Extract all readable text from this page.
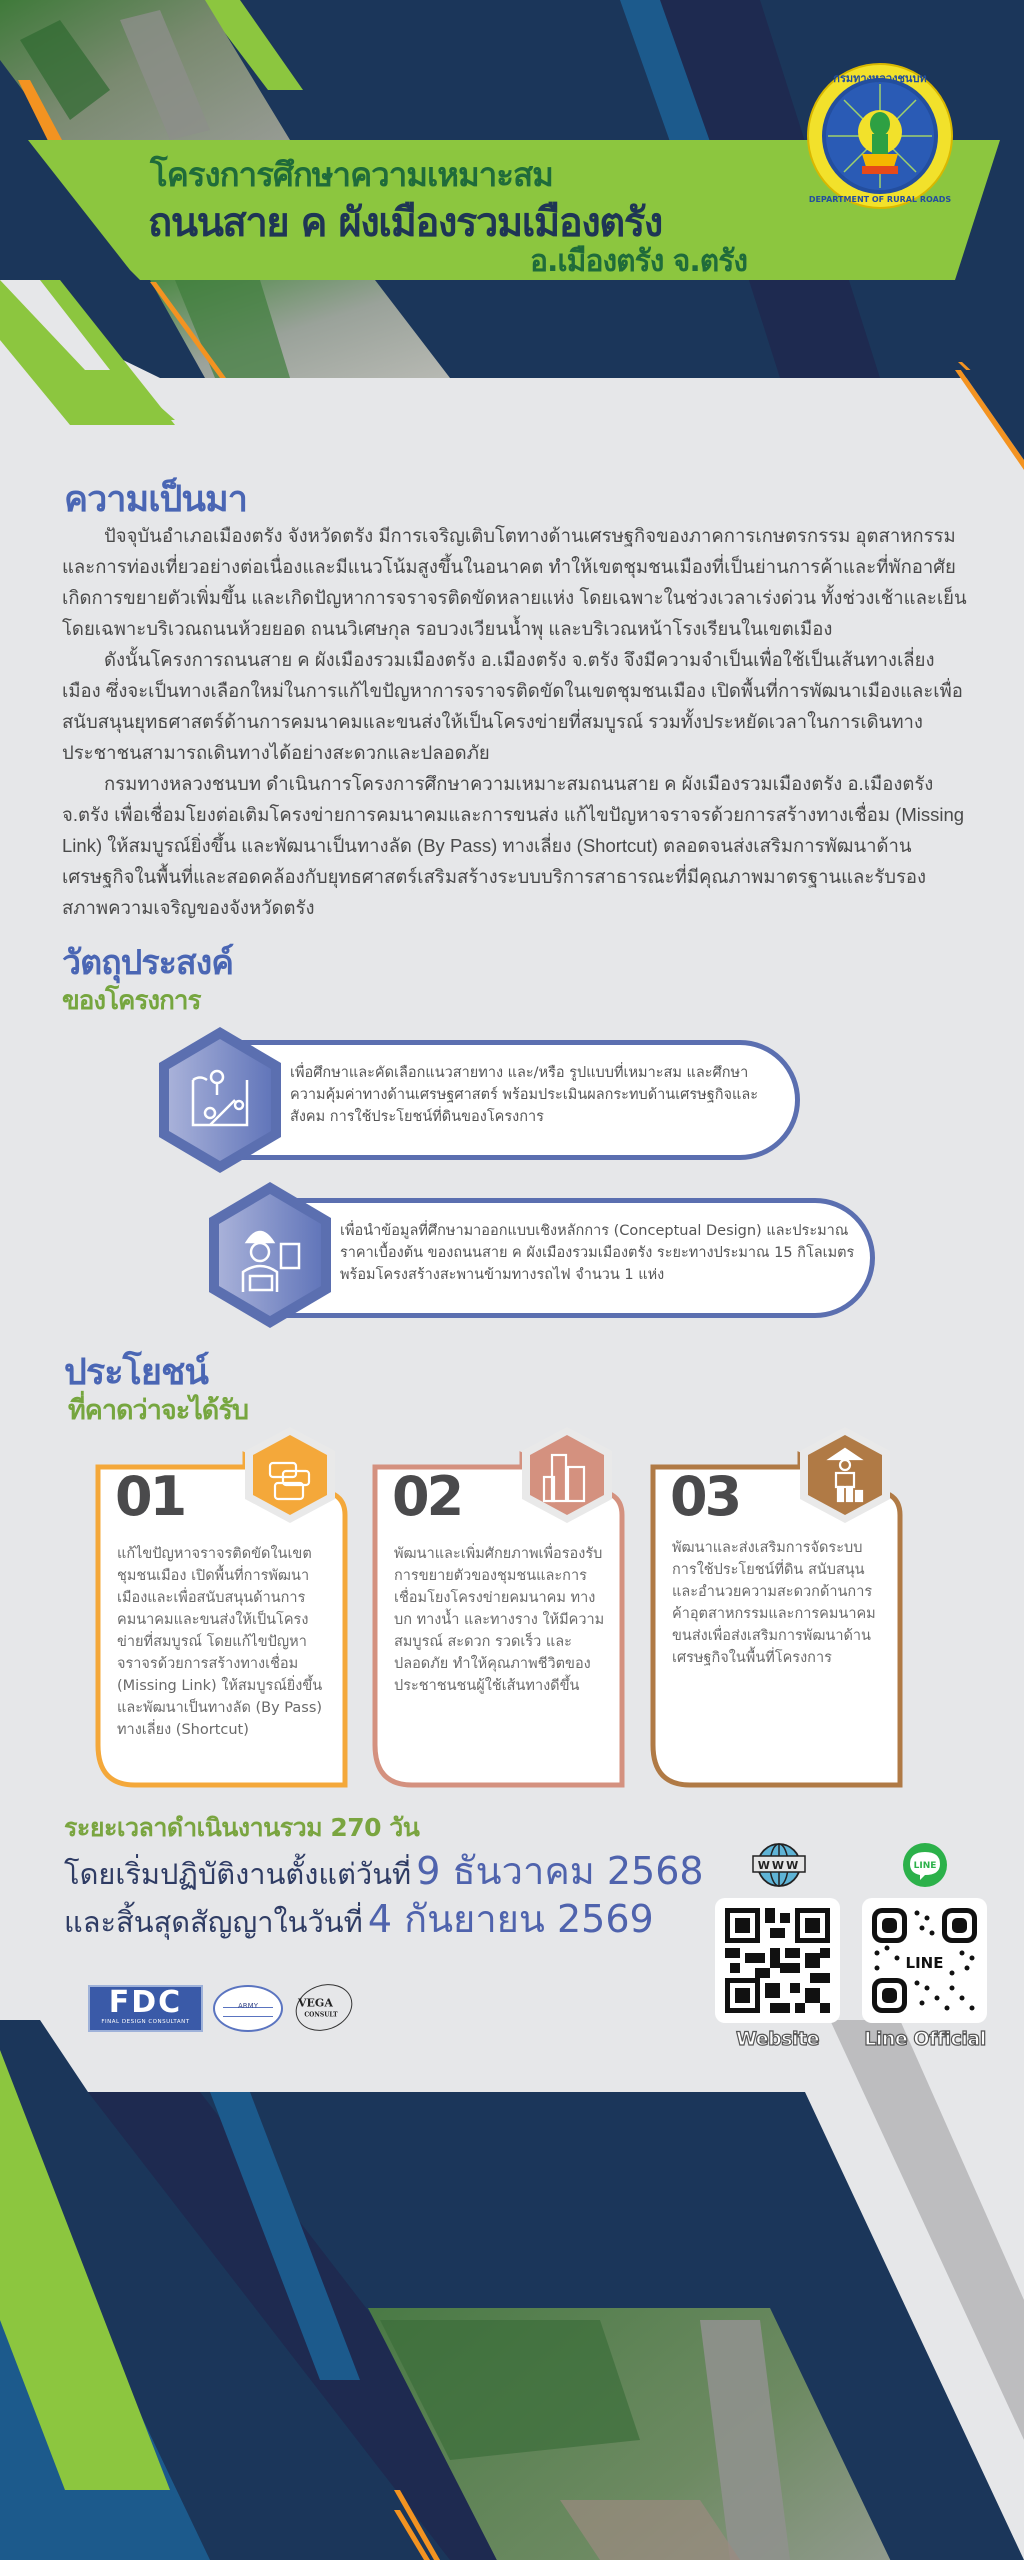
โครงการศึกษาความเหมาะสม
ถนนสาย ค ผังเมืองรวมเมืองตรัง
อ.เมืองตรัง จ.ตรัง
กรมทางหลวงชนบท
DEPARTMENT OF RURAL ROADS
ความเป็นมา

ปัจจุบันอำเภอเมืองตรัง จังหวัดตรัง มีการเจริญเติบโตทางด้านเศรษฐกิจของภาคการเกษตรกรรม อุตสาหกรรมและการท่องเที่ยวอย่างต่อเนื่องและมีแนวโน้มสูงขึ้นในอนาคต ทำให้เขตชุมชนเมืองที่เป็นย่านการค้าและที่พักอาศัย เกิดการขยายตัวเพิ่มขึ้น และเกิดปัญหาการจราจรติดขัดหลายแห่ง โดยเฉพาะในช่วงเวลาเร่งด่วน ทั้งช่วงเช้าและเย็น โดยเฉพาะบริเวณถนนห้วยยอด ถนนวิเศษกุล รอบวงเวียนน้ำพุ และบริเวณหน้าโรงเรียนในเขตเมือง

ดังนั้นโครงการถนนสาย ค ผังเมืองรวมเมืองตรัง อ.เมืองตรัง จ.ตรัง จึงมีความจำเป็นเพื่อใช้เป็นเส้นทางเลี่ยงเมือง ซึ่งจะเป็นทางเลือกใหม่ในการแก้ไขปัญหาการจราจรติดขัดในเขตชุมชนเมือง เปิดพื้นที่การพัฒนาเมืองและเพื่อสนับสนุนยุทธศาสตร์ด้านการคมนาคมและขนส่งให้เป็นโครงข่ายที่สมบูรณ์ รวมทั้งประหยัดเวลาในการเดินทาง ประชาชนสามารถเดินทางได้อย่างสะดวกและปลอดภัย

กรมทางหลวงชนบท ดำเนินการโครงการศึกษาความเหมาะสมถนนสาย ค ผังเมืองรวมเมืองตรัง อ.เมืองตรัง จ.ตรัง เพื่อเชื่อมโยงต่อเติมโครงข่ายการคมนาคมและการขนส่ง แก้ไขปัญหาจราจรด้วยการสร้างทางเชื่อม (Missing Link) ให้สมบูรณ์ยิ่งขึ้น และพัฒนาเป็นทางลัด (By Pass) ทางเลี่ยง (Shortcut) ตลอดจนส่งเสริมการพัฒนาด้านเศรษฐกิจในพื้นที่และสอดคล้องกับยุทธศาสตร์เสริมสร้างระบบบริการสาธารณะที่มีคุณภาพมาตรฐานและรับรองสภาพความเจริญของจังหวัดตรัง

วัตถุประสงค์
ของโครงการ
เพื่อศึกษาและคัดเลือกแนวสายทาง และ/หรือ รูปแบบที่เหมาะสม และศึกษาความคุ้มค่าทางด้านเศรษฐศาสตร์ พร้อมประเมินผลกระทบด้านเศรษฐกิจและสังคม การใช้ประโยชน์ที่ดินของโครงการ
เพื่อนำข้อมูลที่ศึกษามาออกแบบเชิงหลักการ (Conceptual Design) และประมาณราคาเบื้องต้น ของถนนสาย ค ผังเมืองรวมเมืองตรัง ระยะทางประมาณ 15 กิโลเมตร พร้อมโครงสร้างสะพานข้ามทางรถไฟ จำนวน 1 แห่ง
ประโยชน์
ที่คาดว่าจะได้รับ
01
แก้ไขปัญหาจราจรติดขัดในเขตชุมชนเมือง เปิดพื้นที่การพัฒนาเมืองและเพื่อสนับสนุนด้านการคมนาคมและขนส่งให้เป็นโครงข่ายที่สมบูรณ์ โดยแก้ไขปัญหาจราจรด้วยการสร้างทางเชื่อม (Missing Link) ให้สมบูรณ์ยิ่งขึ้น และพัฒนาเป็นทางลัด (By Pass) ทางเลี่ยง (Shortcut)
02
พัฒนาและเพิ่มศักยภาพเพื่อรองรับการขยายตัวของชุมชนและการเชื่อมโยงโครงข่ายคมนาคม ทางบก ทางน้ำ และทางราง ให้มีความสมบูรณ์ สะดวก รวดเร็ว และปลอดภัย ทำให้คุณภาพชีวิตของประชาชนชนผู้ใช้เส้นทางดีขึ้น
03
พัฒนาและส่งเสริมการจัดระบบการใช้ประโยชน์ที่ดิน สนับสนุนและอำนวยความสะดวกด้านการค้าอุตสาหกรรมและการคมนาคมขนส่งเพื่อส่งเสริมการพัฒนาด้านเศรษฐกิจในพื้นที่โครงการ
ระยะเวลาดำเนินงานรวม 270 วัน
โดยเริ่มปฏิบัติงานตั้งแต่วันที่ 9 ธันวาคม 2568
และสิ้นสุดสัญญาในวันที่ 4 กันยายน 2569
FDC
FINAL DESIGN CONSULTANT
ARMY	VEGA
CONSULT
WWW	LINE
LINE
Website	Line Official
